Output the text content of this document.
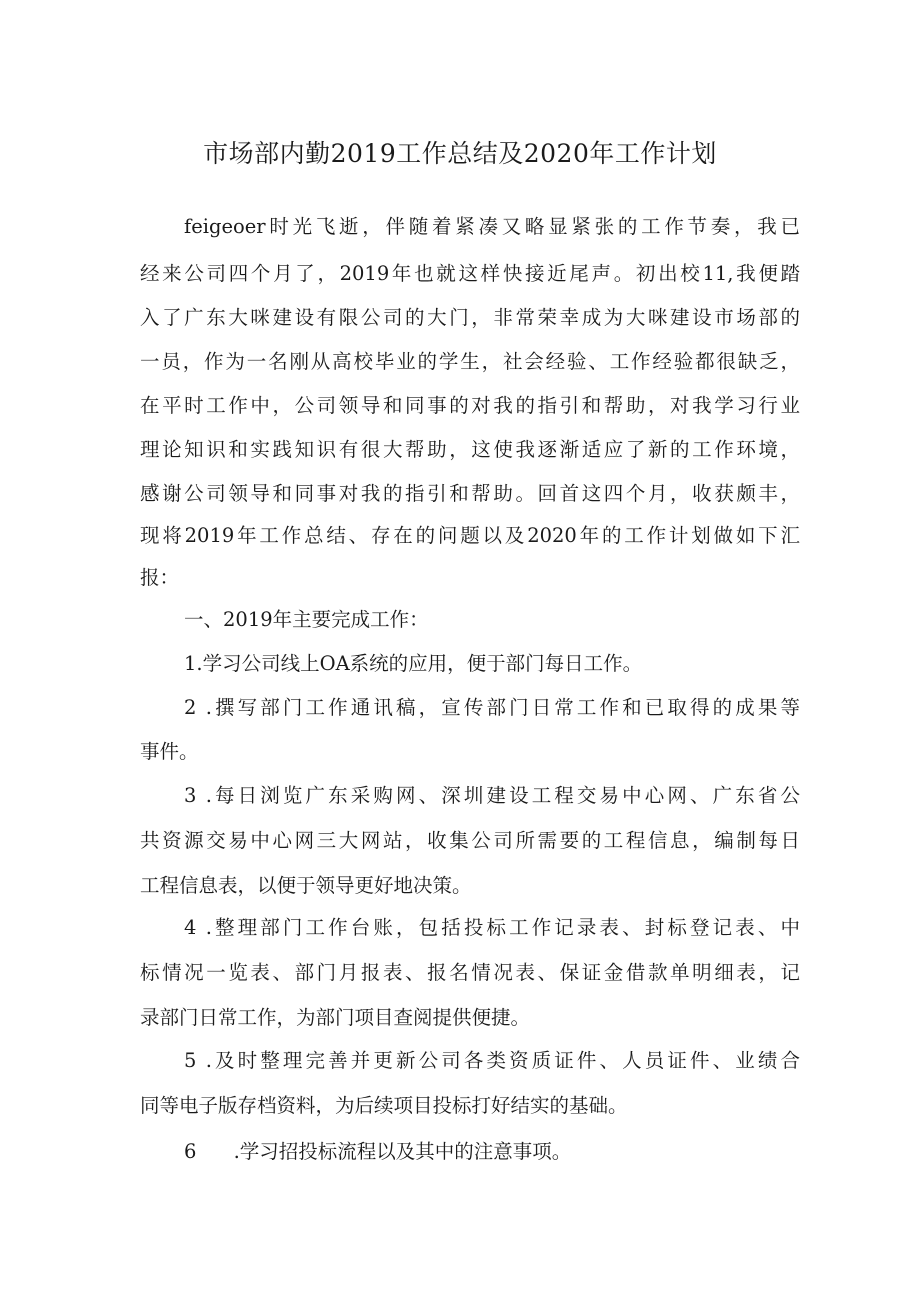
市场部内勤2019工作总结及2020年工作计划
feigeoer时光飞逝，伴随着紧凑又略显紧张的工作节奏，我已
经来公司四个月了，2019年也就这样快接近尾声。初出校11,我便踏
入了广东大咪建设有限公司的大门，非常荣幸成为大咪建设市场部的
一员，作为一名刚从高校毕业的学生，社会经验、工作经验都很缺乏，
在平时工作中，公司领导和同事的对我的指引和帮助，对我学习行业
理论知识和实践知识有很大帮助，这使我逐渐适应了新的工作环境，
感谢公司领导和同事对我的指引和帮助。回首这四个月，收获颇丰，
现将2019年工作总结、存在的问题以及2020年的工作计划做如下汇
报：
一、2019年主要完成工作：
1.学习公司线上OA系统的应用，便于部门每日工作。
2 .撰写部门工作通讯稿，宣传部门日常工作和已取得的成果等
事件。
3 .每日浏览广东采购网、深圳建设工程交易中心网、广东省公
共资源交易中心网三大网站，收集公司所需要的工程信息，编制每日
工程信息表，以便于领导更好地决策。
4 .整理部门工作台账，包括投标工作记录表、封标登记表、中
标情况一览表、部门月报表、报名情况表、保证金借款单明细表，记
录部门日常工作，为部门项目查阅提供便捷。
5 .及时整理完善并更新公司各类资质证件、人员证件、业绩合
同等电子版存档资料，为后续项目投标打好结实的基础。
6      .学习招投标流程以及其中的注意事项。
